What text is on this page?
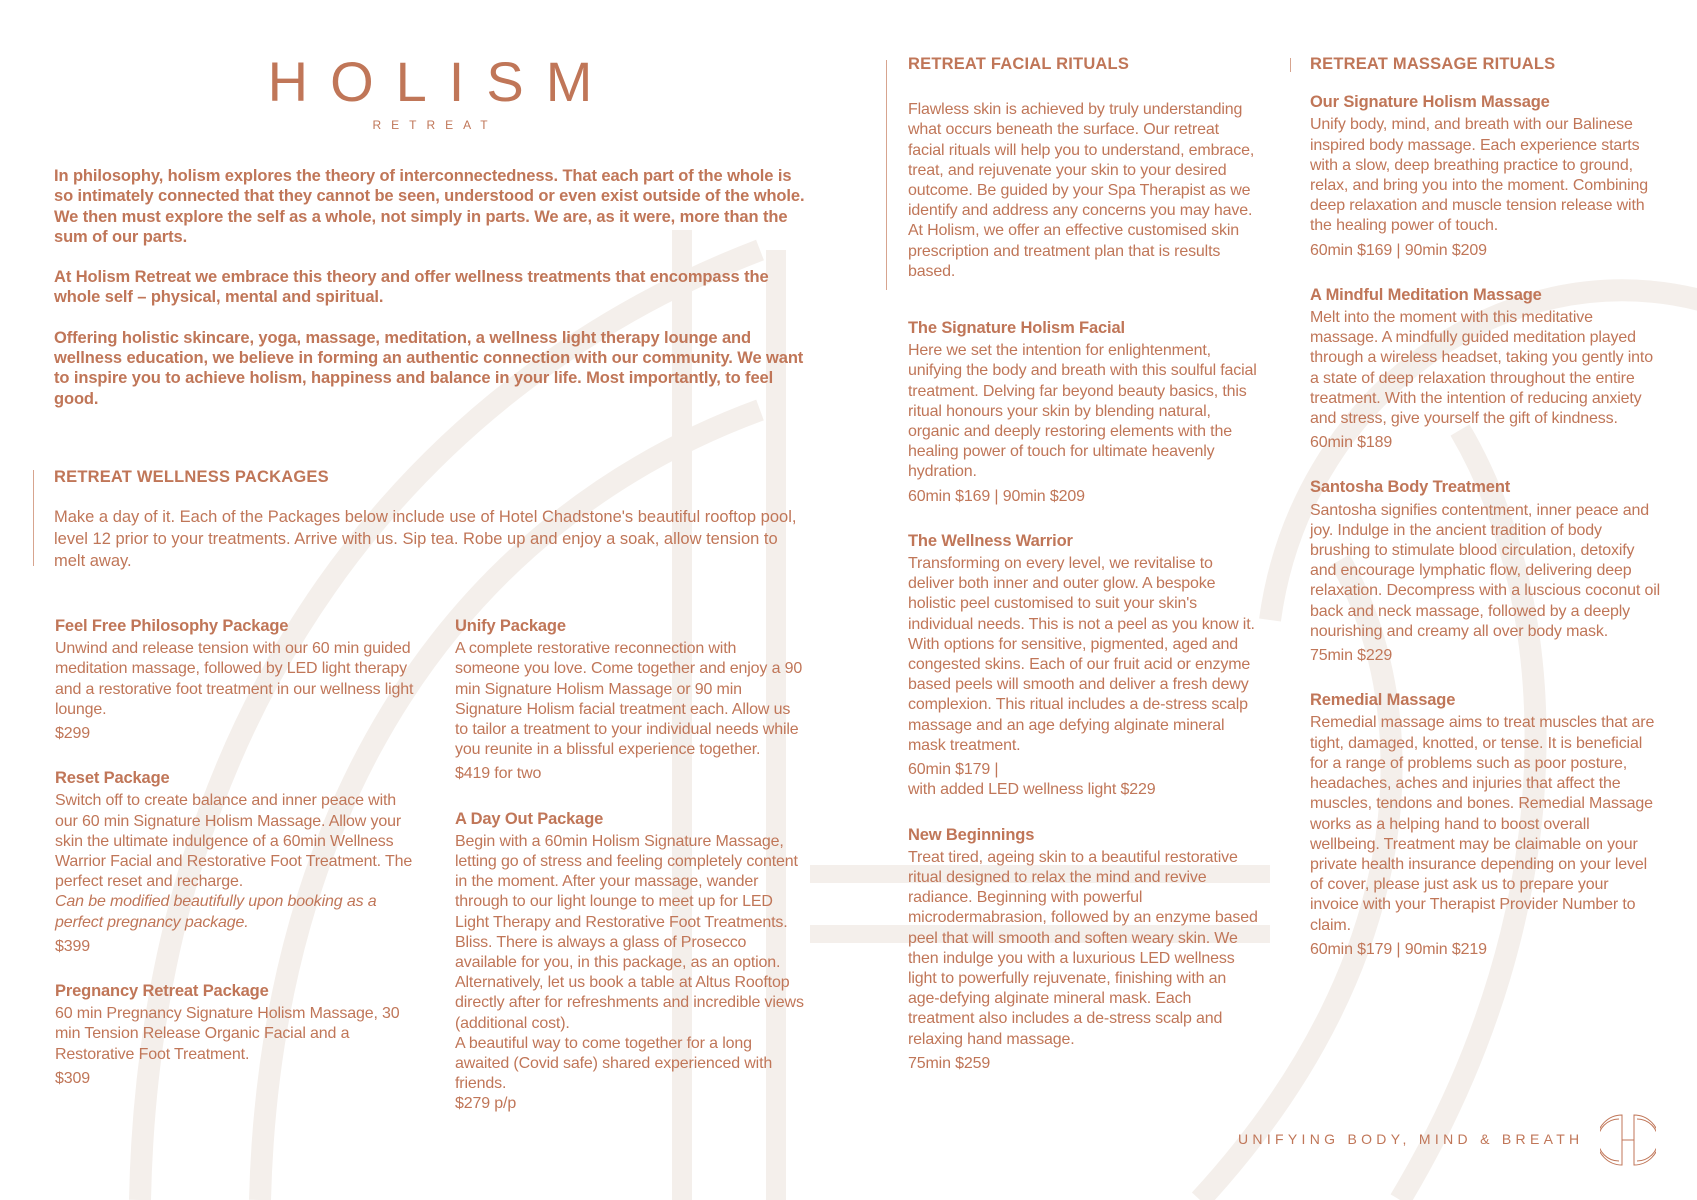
HOLISM
RETREAT

In philosophy, holism explores the theory of interconnectedness. That each part of the whole is so intimately connected that they cannot be seen, understood or even exist outside of the whole. We then must explore the self as a whole, not simply in parts. We are, as it were, more than the sum of our parts.

At Holism Retreat we embrace this theory and offer wellness treatments that encompass the whole self – physical, mental and spiritual.

Offering holistic skincare, yoga, massage, meditation, a wellness light therapy lounge and wellness education, we believe in forming an authentic connection with our community. We want to inspire you to achieve holism, happiness and balance in your life. Most importantly, to feel good.

RETREAT WELLNESS PACKAGES
Make a day of it. Each of the Packages below include use of Hotel Chadstone's beautiful rooftop pool, level 12 prior to your treatments. Arrive with us. Sip tea. Robe up and enjoy a soak, allow tension to melt away.
Feel Free Philosophy Package
Unwind and release tension with our 60 min guided meditation massage, followed by LED light therapy and a restorative foot treatment in our wellness light lounge.
$299
Reset Package
Switch off to create balance and inner peace with our 60 min Signature Holism Massage. Allow your skin the ultimate indulgence of a 60min Wellness Warrior Facial and Restorative Foot Treatment. The perfect reset and recharge.
Can be modified beautifully upon booking as a perfect pregnancy package.
$399
Pregnancy Retreat Package
60 min Pregnancy Signature Holism Massage, 30 min Tension Release Organic Facial and a Restorative Foot Treatment.
$309
Unify Package
A complete restorative reconnection with someone you love. Come together and enjoy a 90 min Signature Holism Massage or 90 min Signature Holism facial treatment each. Allow us to tailor a treatment to your individual needs while you reunite in a blissful experience together.
$419 for two
A Day Out Package
Begin with a 60min Holism Signature Massage, letting go of stress and feeling completely content in the moment. After your massage, wander through to our light lounge to meet up for LED Light Therapy and Restorative Foot Treatments. Bliss. There is always a glass of Prosecco available for you, in this package, as an option. Alternatively, let us book a table at Altus Rooftop directly after for refreshments and incredible views (additional cost).
A beautiful way to come together for a long awaited (Covid safe) shared experienced with friends.
$279 p/p
RETREAT FACIAL RITUALS
Flawless skin is achieved by truly understanding what occurs beneath the surface. Our retreat facial rituals will help you to understand, embrace, treat, and rejuvenate your skin to your desired outcome. Be guided by your Spa Therapist as we identify and address any concerns you may have. At Holism, we offer an effective customised skin prescription and treatment plan that is results based.
The Signature Holism Facial
Here we set the intention for enlightenment, unifying the body and breath with this soulful facial treatment. Delving far beyond beauty basics, this ritual honours your skin by blending natural, organic and deeply restoring elements with the healing power of touch for ultimate heavenly hydration.
60min $169 | 90min $209
The Wellness Warrior
Transforming on every level, we revitalise to deliver both inner and outer glow. A bespoke holistic peel customised to suit your skin's individual needs. This is not a peel as you know it. With options for sensitive, pigmented, aged and congested skins. Each of our fruit acid or enzyme based peels will smooth and deliver a fresh dewy complexion. This ritual includes a de-stress scalp massage and an age defying alginate mineral mask treatment.
60min $179 |
with added LED wellness light $229
New Beginnings
Treat tired, ageing skin to a beautiful restorative ritual designed to relax the mind and revive radiance. Beginning with powerful microdermabrasion, followed by an enzyme based peel that will smooth and soften weary skin. We then indulge you with a luxurious LED wellness light to powerfully rejuvenate, finishing with an age-defying alginate mineral mask. Each treatment also includes a de-stress scalp and relaxing hand massage.
75min $259
RETREAT MASSAGE RITUALS
Our Signature Holism Massage
Unify body, mind, and breath with our Balinese inspired body massage. Each experience starts with a slow, deep breathing practice to ground, relax, and bring you into the moment. Combining deep relaxation and muscle tension release with the healing power of touch.
60min $169 | 90min $209
A Mindful Meditation Massage
Melt into the moment with this meditative massage. A mindfully guided meditation played through a wireless headset, taking you gently into a state of deep relaxation throughout the entire treatment. With the intention of reducing anxiety and stress, give yourself the gift of kindness.
60min $189
Santosha Body Treatment
Santosha signifies contentment, inner peace and joy. Indulge in the ancient tradition of body brushing to stimulate blood circulation, detoxify and encourage lymphatic flow, delivering deep relaxation. Decompress with a luscious coconut oil back and neck massage, followed by a deeply nourishing and creamy all over body mask.
75min $229
Remedial Massage
Remedial massage aims to treat muscles that are tight, damaged, knotted, or tense. It is beneficial for a range of problems such as poor posture, headaches, aches and injuries that affect the muscles, tendons and bones. Remedial Massage works as a helping hand to boost overall wellbeing. Treatment may be claimable on your private health insurance depending on your level of cover, please just ask us to prepare your invoice with your Therapist Provider Number to claim.
60min $179 | 90min $219
UNIFYING BODY, MIND & BREATH
